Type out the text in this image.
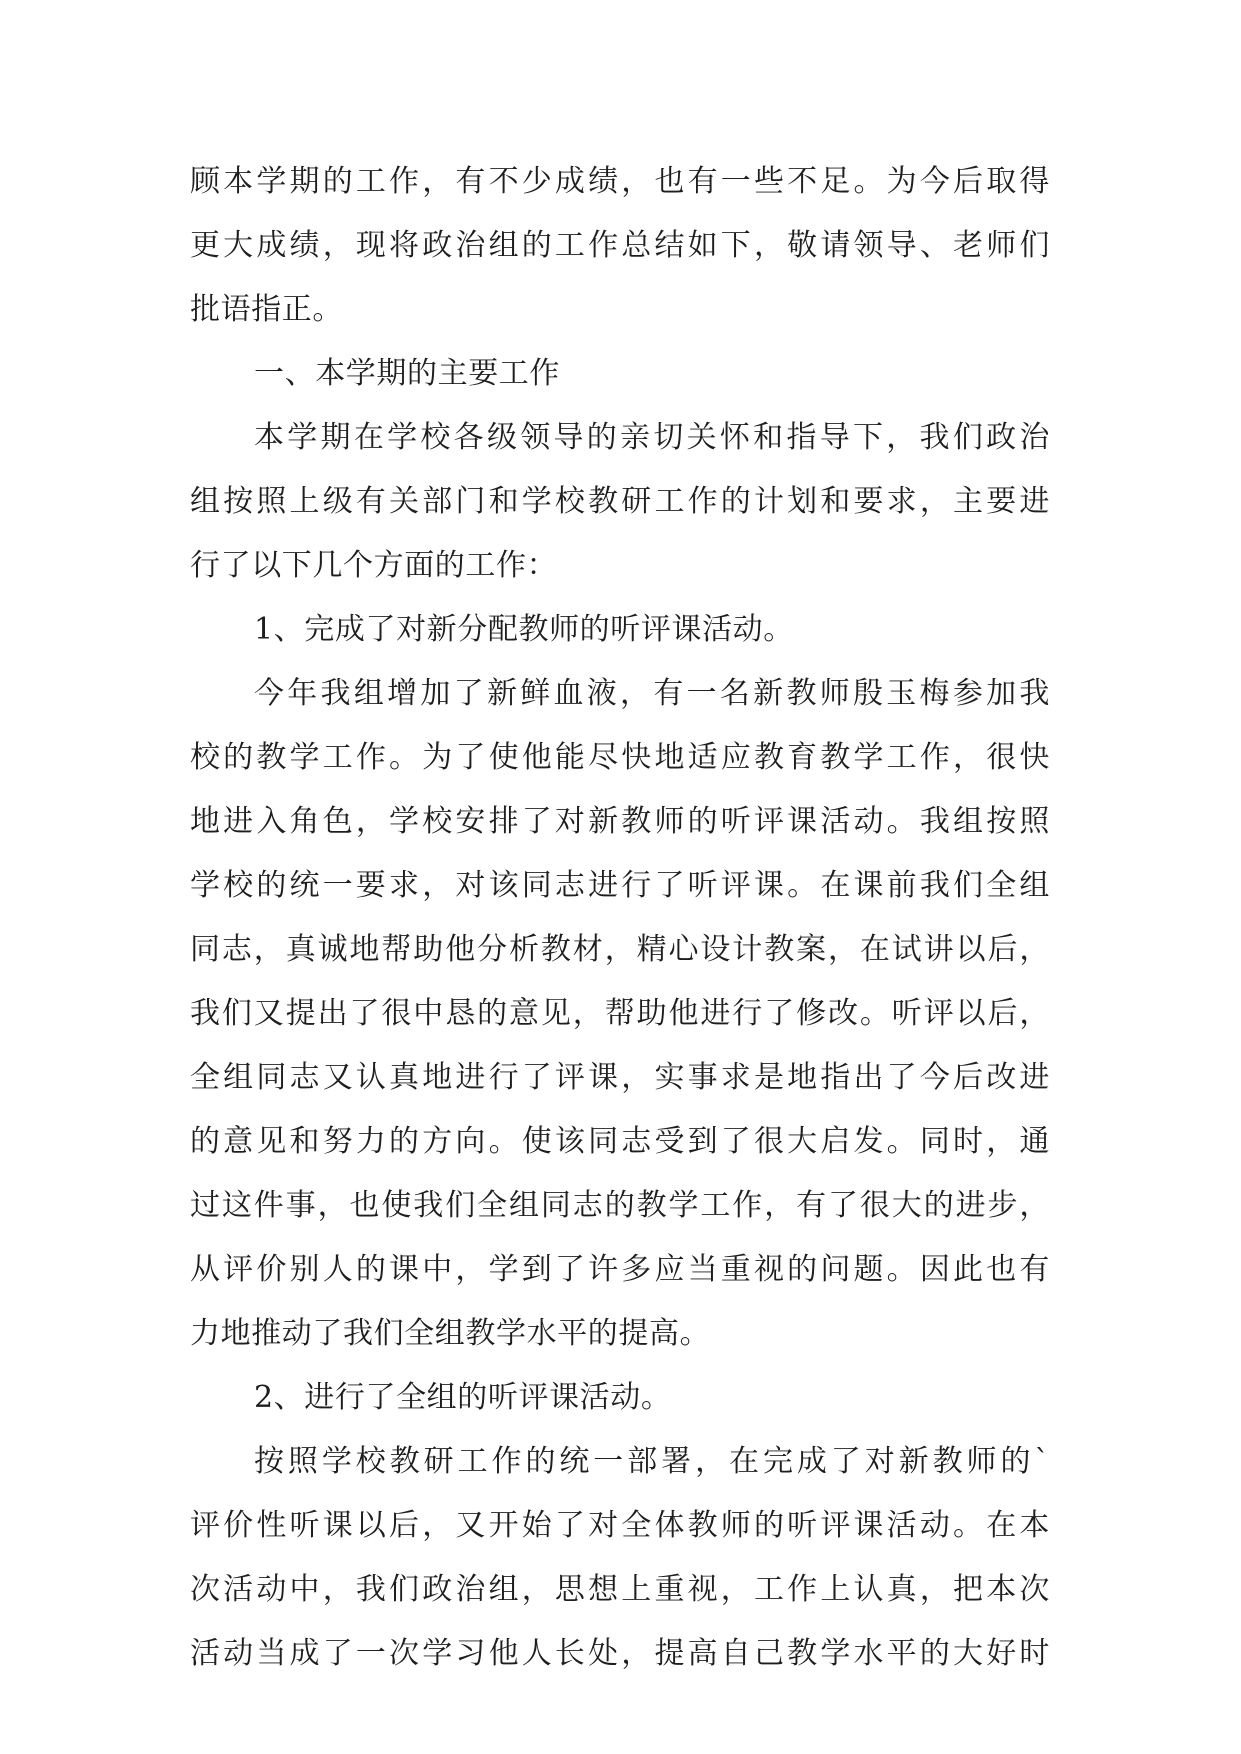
顾本学期的工作，有不少成绩，也有一些不足。为今后取得
更大成绩，现将政治组的工作总结如下，敬请领导、老师们
批语指正。
一、本学期的主要工作
本学期在学校各级领导的亲切关怀和指导下，我们政治
组按照上级有关部门和学校教研工作的计划和要求，主要进
行了以下几个方面的工作：
1、完成了对新分配教师的听评课活动。
今年我组增加了新鲜血液，有一名新教师殷玉梅参加我
校的教学工作。为了使他能尽快地适应教育教学工作，很快
地进入角色，学校安排了对新教师的听评课活动。我组按照
学校的统一要求，对该同志进行了听评课。在课前我们全组
同志，真诚地帮助他分析教材，精心设计教案，在试讲以后，
我们又提出了很中恳的意见，帮助他进行了修改。听评以后，
全组同志又认真地进行了评课，实事求是地指出了今后改进
的意见和努力的方向。使该同志受到了很大启发。同时，通
过这件事，也使我们全组同志的教学工作，有了很大的进步，
从评价别人的课中，学到了许多应当重视的问题。因此也有
力地推动了我们全组教学水平的提高。
2、进行了全组的听评课活动。
按照学校教研工作的统一部署，在完成了对新教师的`
评价性听课以后，又开始了对全体教师的听评课活动。在本
次活动中，我们政治组，思想上重视，工作上认真，把本次
活动当成了一次学习他人长处，提高自己教学水平的大好时
